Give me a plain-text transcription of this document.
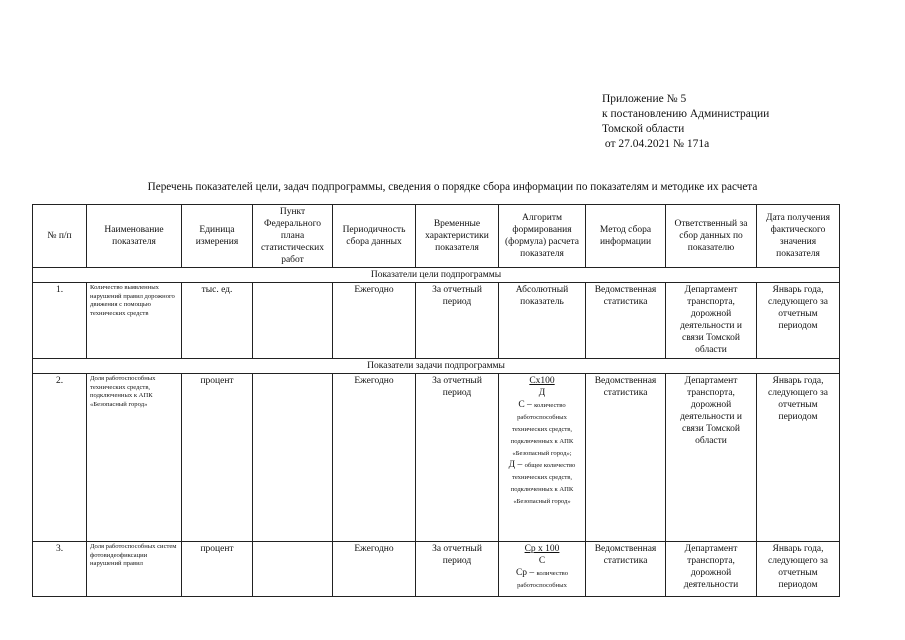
Приложение № 5
к постановлению Администрации
Томской области
от 27.04.2021 № 171а
Перечень показателей цели, задач подпрограммы, сведения о порядке сбора информации по показателям и методике их расчета
№ п/п	Наименование показателя	Единица измерения	Пункт Федерального плана статистических работ	Периодичность сбора данных	Временные характеристики показателя	Алгоритм формирования (формула) расчета показателя	Метод сбора информации	Ответственный за сбор данных по показателю	Дата получения фактического значения показателя
Показатели цели подпрограммы									
1.	Количество выявленных нарушений правил дорожного движения с помощью технических средств	тыс. ед.		Ежегодно	За отчетный период	Абсолютный показатель	Ведомственная статистика	Департамент транспорта, дорожной деятельности и связи Томской области	Январь года, следующего за отчетным периодом
Показатели задачи подпрограммы									
2.	Доля работоспособных технических средств, подключенных к АПК «Безопасный город»	процент		Ежегодно	За отчетный период	Сх100
Д
С – количество работоспособных технических средств, подключенных к АПК «Безопасный город»;
Д – общее количество технических средств, подключенных к АПК «Безопасный город»	Ведомственная статистика	Департамент транспорта, дорожной деятельности и связи Томской области	Январь года, следующего за отчетным периодом
3.	Доля работоспособных систем фотовидеофиксации нарушений правил	процент		Ежегодно	За отчетный период	Ср х 100
С
Ср – количество работоспособных	Ведомственная статистика	Департамент транспорта, дорожной деятельности	Январь года, следующего за отчетным периодом
